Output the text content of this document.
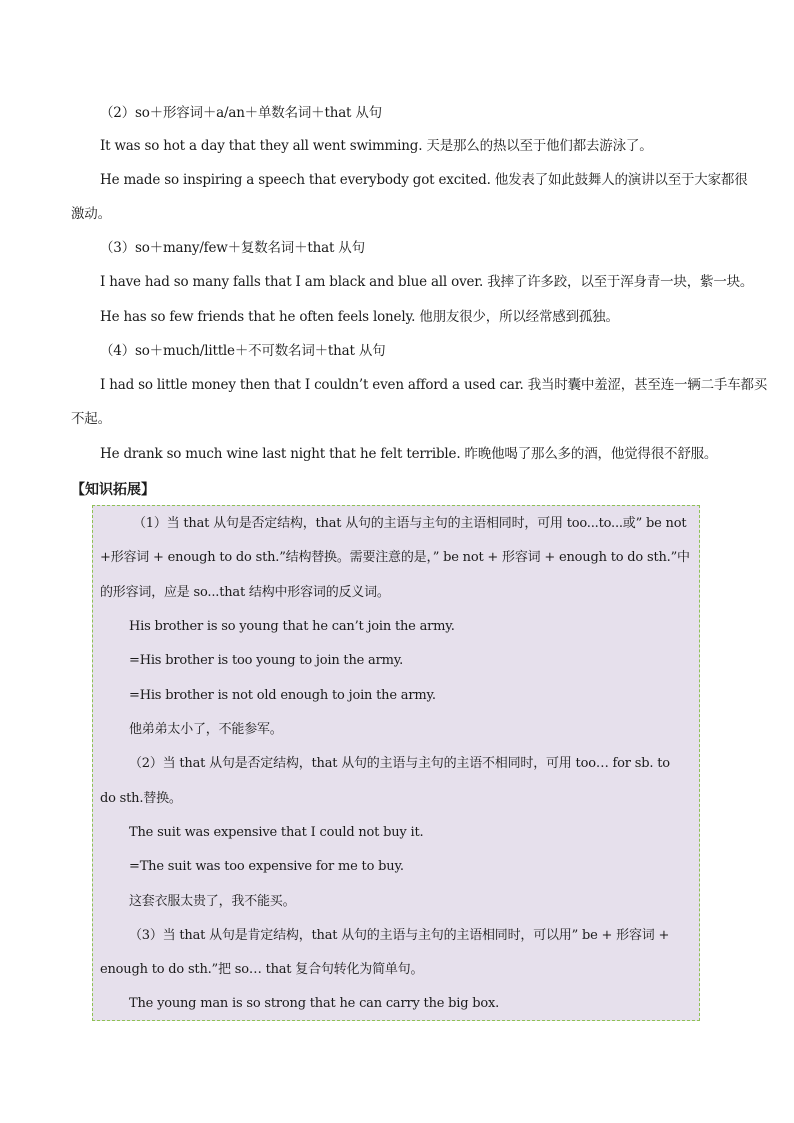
（2）so＋形容词＋a/an＋单数名词＋that 从句
It was so hot a day that they all went swimming. 天是那么的热以至于他们都去游泳了。
He made so inspiring a speech that everybody got excited. 他发表了如此鼓舞人的演讲以至于大家都很
激动。
（3）so＋many/few＋复数名词＋that 从句
I have had so many falls that I am black and blue all over. 我摔了许多跤，以至于浑身青一块，紫一块。
He has so few friends that he often feels lonely. 他朋友很少，所以经常感到孤独。
（4）so＋much/little＋不可数名词＋that 从句
I had so little money then that I couldn’t even afford a used car. 我当时囊中羞涩，甚至连一辆二手车都买
不起。
He drank so much wine last night that he felt terrible. 昨晚他喝了那么多的酒，他觉得很不舒服。
【知识拓展】
（1）当 that 从句是否定结构，that 从句的主语与主句的主语相同时，可用 too...to...或” be not
+形容词 + enough to do sth.”结构替换。需要注意的是，” be not + 形容词 + enough to do sth.”中
的形容词，应是 so...that 结构中形容词的反义词。
His brother is so young that he can’t join the army.
=His brother is too young to join the army.
=His brother is not old enough to join the army.
他弟弟太小了，不能参军。
（2）当 that 从句是否定结构，that 从句的主语与主句的主语不相同时，可用 too… for sb. to
do sth.替换。
The suit was expensive that I could not buy it.
=The suit was too expensive for me to buy.
这套衣服太贵了，我不能买。
（3）当 that 从句是肯定结构，that 从句的主语与主句的主语相同时，可以用” be + 形容词 +
enough to do sth.”把 so… that 复合句转化为简单句。
The young man is so strong that he can carry the big box.
